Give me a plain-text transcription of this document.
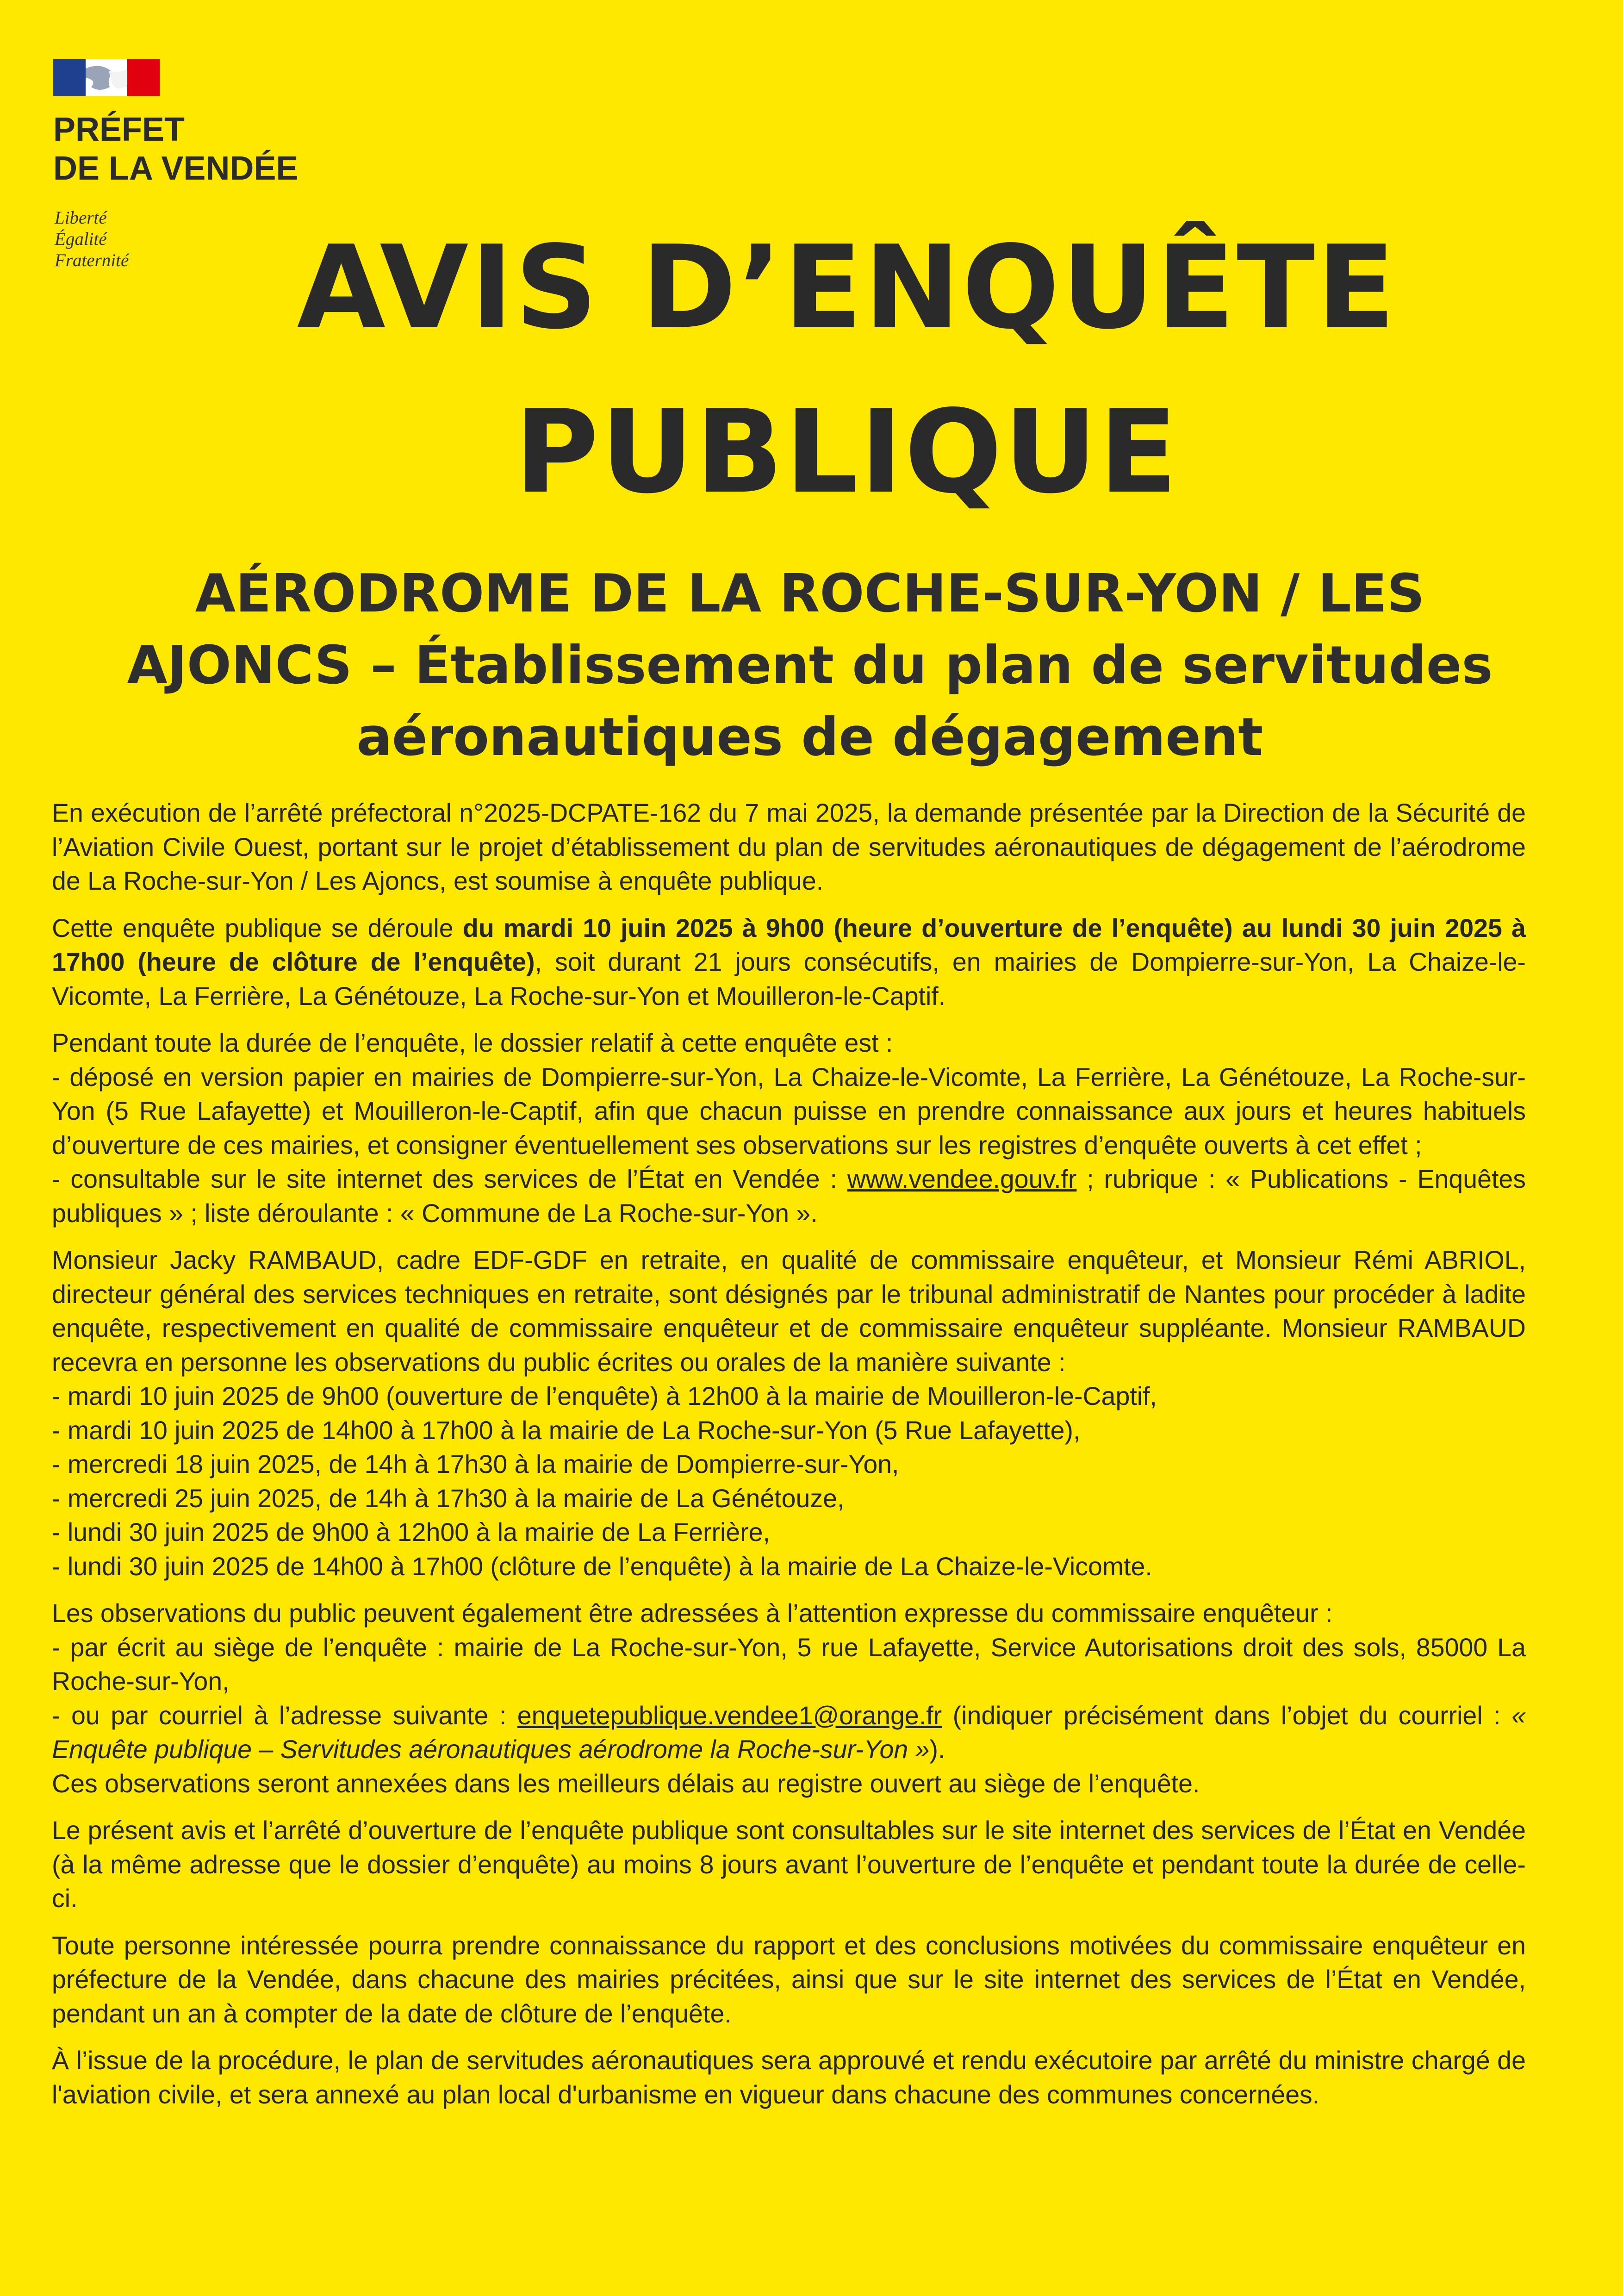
PRÉFET
DE LA VENDÉE
Liberté
Égalité
Fraternité	AVIS D’ENQUÊTE
PUBLIQUE
AÉRODROME DE LA ROCHE-SUR-YON / LES
AJONCS – Établissement du plan de servitudes
aéronautiques de dégagement

En exécution de l’arrêté préfectoral n°2025-DCPATE-162 du 7 mai 2025, la demande présentée par la Direction de la Sécurité de l’Aviation Civile Ouest, portant sur le projet d’établissement du plan de servitudes aéronautiques de dégagement de l’aérodrome de La Roche-sur-Yon / Les Ajoncs, est soumise à enquête publique.

Cette enquête publique se déroule du mardi 10 juin 2025 à 9h00 (heure d’ouverture de l’enquête) au lundi 30 juin 2025 à 17h00 (heure de clôture de l’enquête), soit durant 21 jours consécutifs, en mairies de Dompierre-sur-Yon, La Chaize-le-Vicomte, La Ferrière, La Génétouze, La Roche-sur-Yon et Mouilleron-le-Captif.

Pendant toute la durée de l’enquête, le dossier relatif à cette enquête est :
- déposé en version papier en mairies de Dompierre-sur-Yon, La Chaize-le-Vicomte, La Ferrière, La Génétouze, La Roche-sur-Yon (5 Rue Lafayette) et Mouilleron-le-Captif, afin que chacun puisse en prendre connaissance aux jours et heures habituels d’ouverture de ces mairies, et consigner éventuellement ses observations sur les registres d’enquête ouverts à cet effet ;
- consultable sur le site internet des services de l’État en Vendée : www.vendee.gouv.fr ; rubrique : « Publications - Enquêtes publiques » ; liste déroulante : « Commune de La Roche-sur-Yon ».

Monsieur Jacky RAMBAUD, cadre EDF-GDF en retraite, en qualité de commissaire enquêteur, et Monsieur Rémi ABRIOL, directeur général des services techniques en retraite, sont désignés par le tribunal administratif de Nantes pour procéder à ladite enquête, respectivement en qualité de commissaire enquêteur et de commissaire enquêteur suppléante. Monsieur RAMBAUD recevra en personne les observations du public écrites ou orales de la manière suivante :
- mardi 10 juin 2025 de 9h00 (ouverture de l’enquête) à 12h00 à la mairie de Mouilleron-le-Captif,
- mardi 10 juin 2025 de 14h00 à 17h00 à la mairie de La Roche-sur-Yon (5 Rue Lafayette),
- mercredi 18 juin 2025, de 14h à 17h30 à la mairie de Dompierre-sur-Yon,
- mercredi 25 juin 2025, de 14h à 17h30 à la mairie de La Génétouze,
- lundi 30 juin 2025 de 9h00 à 12h00 à la mairie de La Ferrière,
- lundi 30 juin 2025 de 14h00 à 17h00 (clôture de l’enquête) à la mairie de La Chaize-le-Vicomte.

Les observations du public peuvent également être adressées à l’attention expresse du commissaire enquêteur :
- par écrit au siège de l’enquête : mairie de La Roche-sur-Yon, 5 rue Lafayette, Service Autorisations droit des sols, 85000 La Roche-sur-Yon,
- ou par courriel à l’adresse suivante : enquetepublique.vendee1@orange.fr (indiquer précisément dans l’objet du courriel : « Enquête publique – Servitudes aéronautiques aérodrome la Roche-sur-Yon »).
Ces observations seront annexées dans les meilleurs délais au registre ouvert au siège de l’enquête.

Le présent avis et l’arrêté d’ouverture de l’enquête publique sont consultables sur le site internet des services de l’État en Vendée (à la même adresse que le dossier d’enquête) au moins 8 jours avant l’ouverture de l’enquête et pendant toute la durée de celle-ci.

Toute personne intéressée pourra prendre connaissance du rapport et des conclusions motivées du commissaire enquêteur en préfecture de la Vendée, dans chacune des mairies précitées, ainsi que sur le site internet des services de l’État en Vendée, pendant un an à compter de la date de clôture de l’enquête.

À l’issue de la procédure, le plan de servitudes aéronautiques sera approuvé et rendu exécutoire par arrêté du ministre chargé de l'aviation civile, et sera annexé au plan local d'urbanisme en vigueur dans chacune des communes concernées.
